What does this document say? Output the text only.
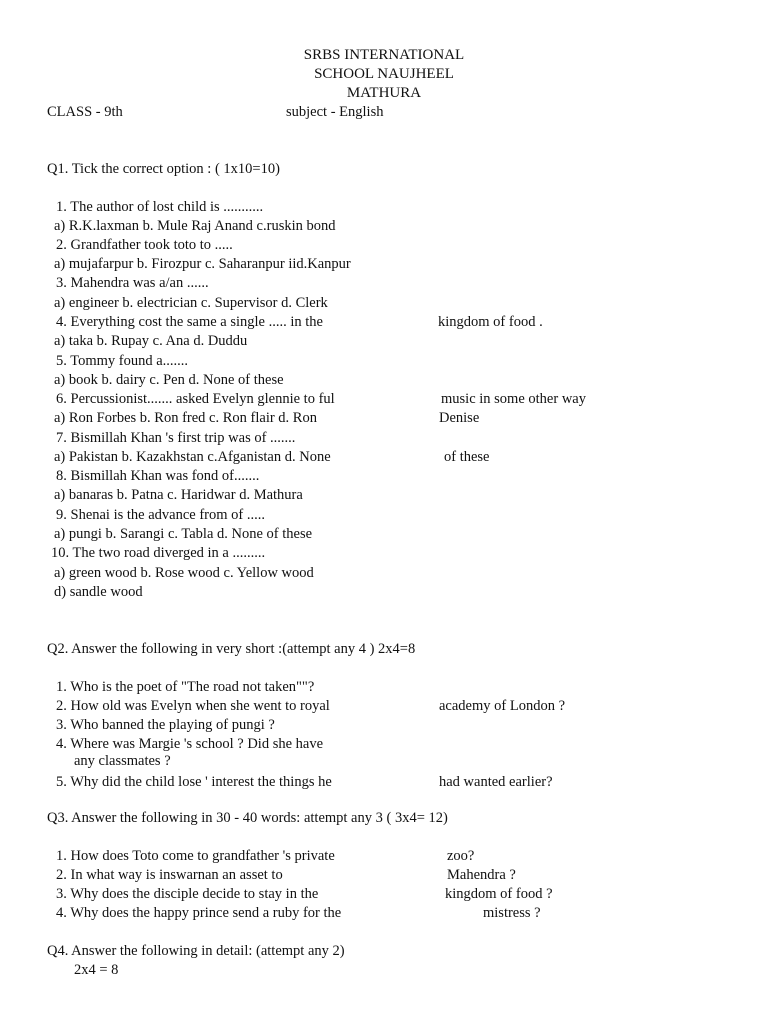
SRBS INTERNATIONAL
SCHOOL NAUJHEEL
MATHURA
CLASS - 9th	subject - English
Q1. Tick the correct option : ( 1x10=10)
1. The author of lost child is ...........
a) R.K.laxman b. Mule Raj Anand c.ruskin bond
2. Grandfather took toto to .....
a) mujafarpur b. Firozpur c. Saharanpur iid.Kanpur
3. Mahendra was a/an ......
a) engineer b. electrician c. Supervisor d. Clerk
4. Everything cost the same a single ..... in the	kingdom of food .
a) taka b. Rupay c. Ana d. Duddu
5. Tommy found a.......
a) book b. dairy c. Pen d. None of these
6. Percussionist....... asked Evelyn glennie to ful	music in some other way
a) Ron Forbes b. Ron fred c. Ron flair d. Ron	Denise
7. Bismillah Khan 's first trip was of .......
a) Pakistan b. Kazakhstan c.Afganistan d. None	of these
8. Bismillah Khan was fond of.......
a) banaras b. Patna c. Haridwar d. Mathura
9. Shenai is the advance from of .....
a) pungi b. Sarangi c. Tabla d. None of these
10. The two road diverged in a .........
a) green wood b. Rose wood c. Yellow wood
d) sandle wood
Q2. Answer the following in very short :(attempt any 4 ) 2x4=8
1. Who is the poet of "The road not taken""?
2. How old was Evelyn when she went to royal	academy of London ?
3. Who banned the playing of pungi ?
4. Where was Margie 's school ? Did she have
any classmates ?
5. Why did the child lose ' interest the things he	had wanted earlier?
Q3. Answer the following in 30 - 40 words: attempt any 3 ( 3x4= 12)
1. How does Toto come to grandfather 's private	zoo?
2. In what way is inswarnan an asset to	Mahendra ?
3. Why does the disciple decide to stay in the	kingdom of food ?
4. Why does the happy prince send a ruby for the	mistress ?
Q4. Answer the following in detail: (attempt any 2)
2x4 = 8
